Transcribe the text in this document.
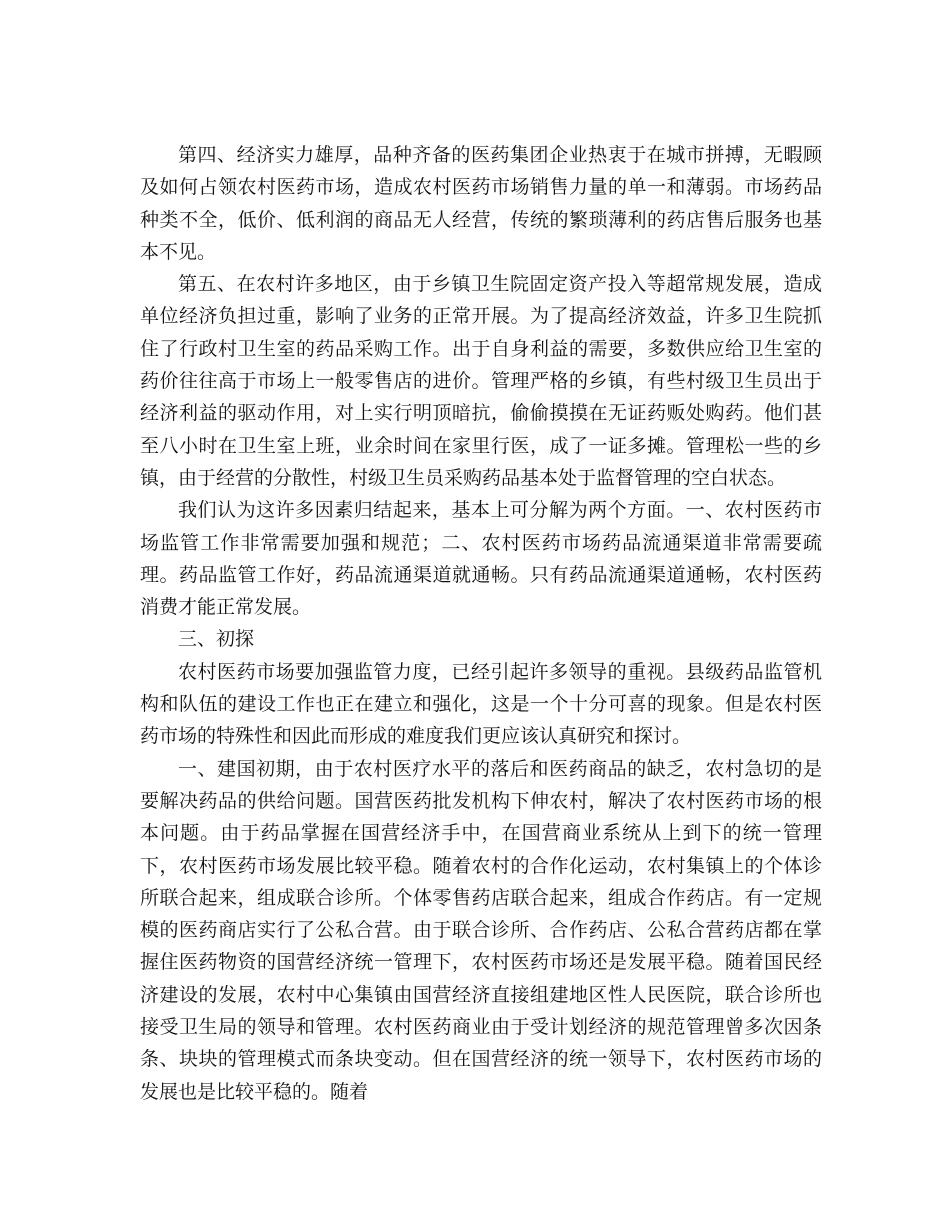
第四、经济实力雄厚，品种齐备的医药集团企业热衷于在城市拼搏，无暇顾及如何占领农村医药市场，造成农村医药市场销售力量的单一和薄弱。市场药品种类不全，低价、低利润的商品无人经营，传统的繁琐薄利的药店售后服务也基本不见。

第五、在农村许多地区，由于乡镇卫生院固定资产投入等超常规发展，造成单位经济负担过重，影响了业务的正常开展。为了提高经济效益，许多卫生院抓住了行政村卫生室的药品采购工作。出于自身利益的需要，多数供应给卫生室的药价往往高于市场上一般零售店的进价。管理严格的乡镇，有些村级卫生员出于经济利益的驱动作用，对上实行明顶暗抗，偷偷摸摸在无证药贩处购药。他们甚至八小时在卫生室上班，业余时间在家里行医，成了一证多摊。管理松一些的乡镇，由于经营的分散性，村级卫生员采购药品基本处于监督管理的空白状态。

我们认为这许多因素归结起来，基本上可分解为两个方面。一、农村医药市场监管工作非常需要加强和规范；二、农村医药市场药品流通渠道非常需要疏理。药品监管工作好，药品流通渠道就通畅。只有药品流通渠道通畅，农村医药消费才能正常发展。

三、初探

农村医药市场要加强监管力度，已经引起许多领导的重视。县级药品监管机构和队伍的建设工作也正在建立和强化，这是一个十分可喜的现象。但是农村医药市场的特殊性和因此而形成的难度我们更应该认真研究和探讨。

一、建国初期，由于农村医疗水平的落后和医药商品的缺乏，农村急切的是要解决药品的供给问题。国营医药批发机构下伸农村，解决了农村医药市场的根本问题。由于药品掌握在国营经济手中，在国营商业系统从上到下的统一管理下，农村医药市场发展比较平稳。随着农村的合作化运动，农村集镇上的个体诊所联合起来，组成联合诊所。个体零售药店联合起来，组成合作药店。有一定规模的医药商店实行了公私合营。由于联合诊所、合作药店、公私合营药店都在掌握住医药物资的国营经济统一管理下，农村医药市场还是发展平稳。随着国民经济建设的发展，农村中心集镇由国营经济直接组建地区性人民医院，联合诊所也接受卫生局的领导和管理。农村医药商业由于受计划经济的规范管理曾多次因条条、块块的管理模式而条块变动。但在国营经济的统一领导下，农村医药市场的发展也是比较平稳的。随着
